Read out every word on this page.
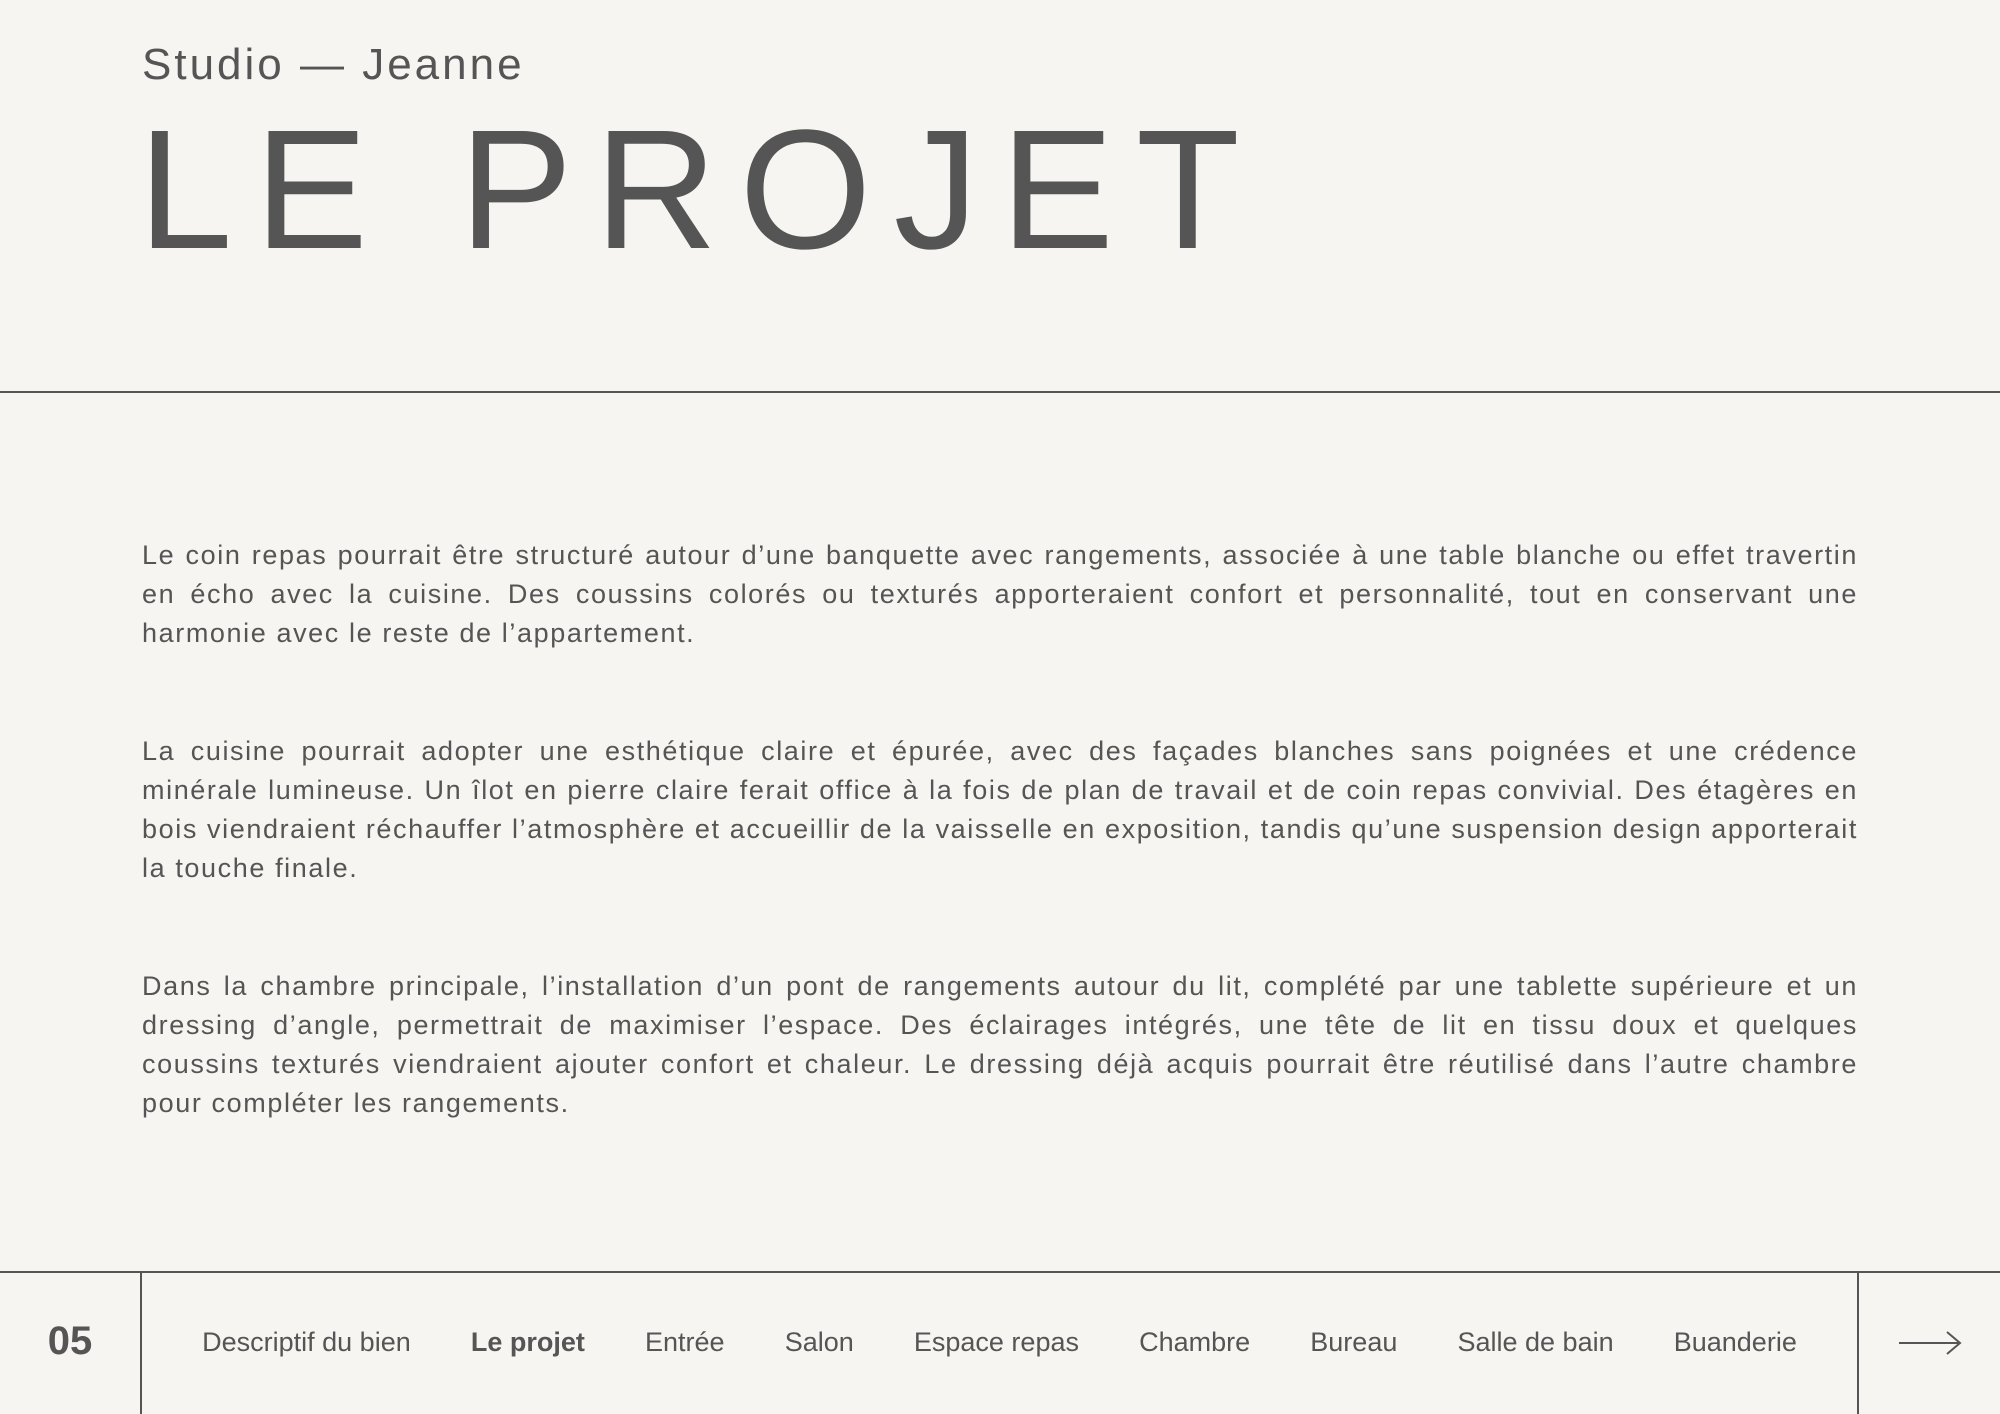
Studio — Jeanne
LE PROJET

Le coin repas pourrait être structuré autour d’une banquette avec rangements, associée à une table blanche ou effet travertin en écho avec la cuisine. Des coussins colorés ou texturés apporteraient confort et personnalité, tout en conservant une harmonie avec le reste de l’appartement.

La cuisine pourrait adopter une esthétique claire et épurée, avec des façades blanches sans poignées et une crédence minérale lumineuse. Un îlot en pierre claire ferait office à la fois de plan de travail et de coin repas convivial. Des étagères en bois viendraient réchauffer l’atmosphère et accueillir de la vaisselle en exposition, tandis qu’une suspension design apporterait la touche finale.

Dans la chambre principale, l’installation d’un pont de rangements autour du lit, complété par une tablette supérieure et un dressing d’angle, permettrait de maximiser l’espace. Des éclairages intégrés, une tête de lit en tissu doux et quelques coussins texturés viendraient ajouter confort et chaleur. Le dressing déjà acquis pourrait être réutilisé dans l’autre chambre pour compléter les rangements.

05	Descriptif du bien Le projet Entrée Salon Espace repas Chambre Bureau Salle de bain Buanderie
